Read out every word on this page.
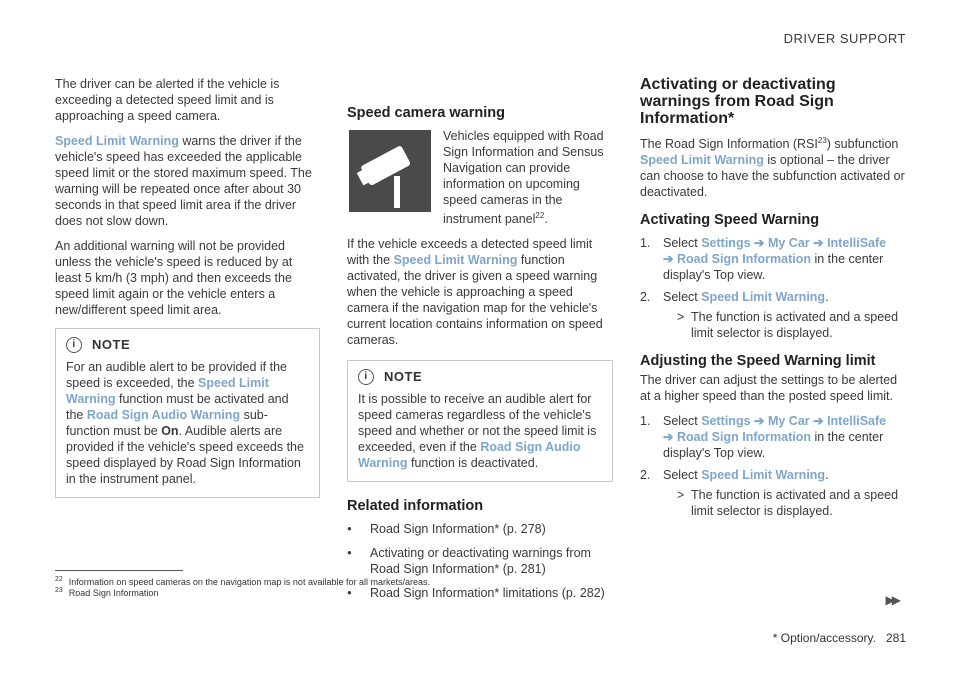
DRIVER SUPPORT

The driver can be alerted if the vehicle is exceeding a detected speed limit and is approaching a speed camera.

Speed Limit Warning warns the driver if the vehicle's speed has exceeded the applicable speed limit or the stored maximum speed. The warning will be repeated once after about 30 seconds in that speed limit area if the driver does not slow down.

An additional warning will not be provided unless the vehicle's speed is reduced by at least 5 km/h (3 mph) and then exceeds the speed limit again or the vehicle enters a new/different speed limit area.

i	NOTE
For an audible alert to be provided if the speed is exceeded, the Speed Limit Warning function must be activated and the Road Sign Audio Warning sub-function must be On. Audible alerts are provided if the vehicle's speed exceeds the speed displayed by Road Sign Information in the instrument panel.
Speed camera warning

Vehicles equipped with Road Sign Information and Sensus Navigation can provide information on upcoming speed cameras in the instrument panel$^{22}$.

If the vehicle exceeds a detected speed limit with the Speed Limit Warning function activated, the driver is given a speed warning when the vehicle is approaching a speed camera if the navigation map for the vehicle's current location contains information on speed cameras.

i	NOTE
It is possible to receive an audible alert for speed cameras regardless of the vehicle's speed and whether or not the speed limit is exceeded, even if the Road Sign Audio Warning function is deactivated.
Related information
● Road Sign Information* (p. 278)
● Activating or deactivating warnings from Road Sign Information* (p. 281)
● Road Sign Information* limitations (p. 282)
Activating or deactivating warnings from Road Sign Information*

The Road Sign Information (RSI$^{23}$) subfunction Speed Limit Warning is optional – the driver can choose to have the subfunction activated or deactivated.

Activating Speed Warning
1. Select Settings ➔ My Car ➔ IntelliSafe
➔ Road Sign Information in the center display's Top view.
2. Select Speed Limit Warning.
> The function is activated and a speed limit selector is displayed.
Adjusting the Speed Warning limit

The driver can adjust the settings to be alerted at a higher speed than the posted speed limit.

1. Select Settings ➔ My Car ➔ IntelliSafe
➔ Road Sign Information in the center display's Top view.
2. Select Speed Limit Warning.
> The function is activated and a speed limit selector is displayed.
$^{22}$ Information on speed cameras on the navigation map is not available for all markets/areas.
$^{23}$ Road Sign Information	▶▶
* Option/accessory. 281
